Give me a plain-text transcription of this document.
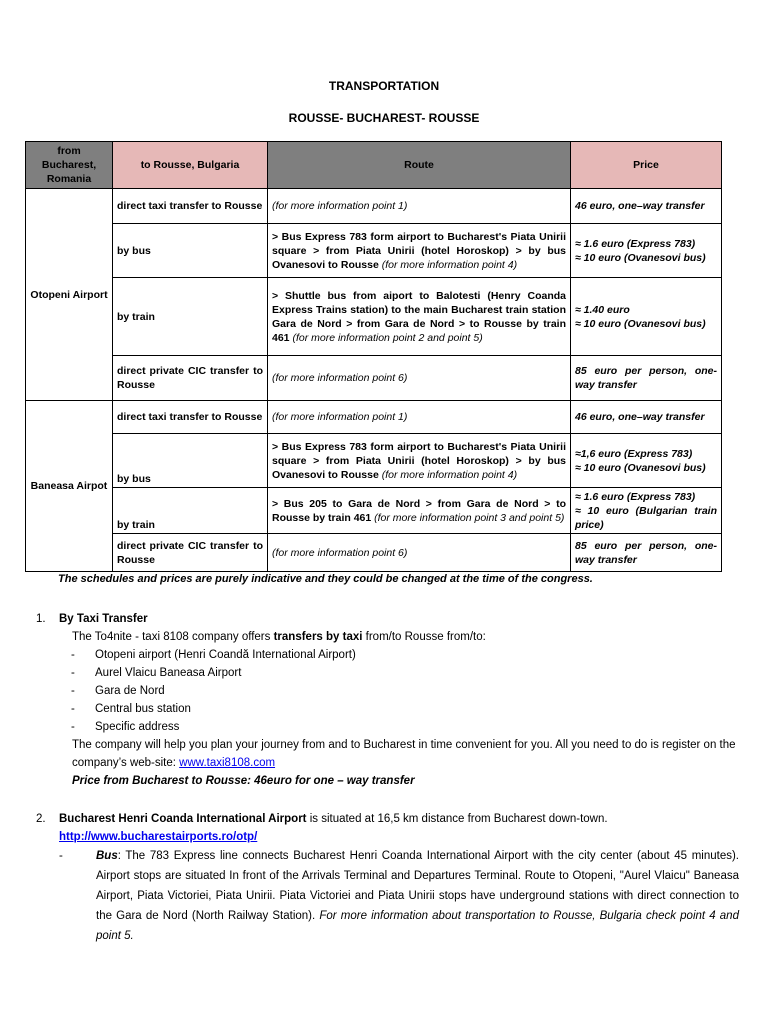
TRANSPORTATION
ROUSSE- BUCHAREST- ROUSSE
from Bucharest, Romania	to Rousse, Bulgaria	Route	Price
Otopeni Airport	direct taxi transfer to Rousse	(for more information point 1)	46 euro, one–way transfer

	by bus	> Bus Express 783 form airport to Bucharest's Piata Unirii square > from Piata Unirii (hotel Horoskop) > by bus Ovanesovi to Rousse (for more information point 4)	≈ 1.6 euro (Express 783)
≈ 10 euro (Ovanesovi bus)

	by train	> Shuttle bus from aiport to Balotesti (Henry Coanda Express Trains station) to the main Bucharest train station Gara de Nord > from Gara de Nord > to Rousse by train 461 (for more information point 2 and point 5)	≈ 1.40 euro
≈ 10 euro (Ovanesovi bus)

	direct private CIC transfer to Rousse	(for more information point 6)	85 euro per person, one-way transfer

Baneasa Airpot	direct taxi transfer to Rousse	(for more information point 1)	46 euro, one–way transfer

	by bus	> Bus Express 783 form airport to Bucharest's Piata Unirii square > from Piata Unirii (hotel Horoskop) > by bus Ovanesovi to Rousse (for more information point 4)	≈1,6 euro (Express 783)
≈ 10 euro (Ovanesovi bus)

	by train	> Bus 205 to Gara de Nord > from Gara de Nord > to Rousse by train 461 (for more information point 3 and point 5)	≈ 1.6 euro (Express 783)
≈ 10 euro (Bulgarian train price)

	direct private CIC transfer to Rousse	(for more information point 6)	85 euro per person, one-way transfer
The schedules and prices are purely indicative and they could be changed at the time of the congress.
1. By Taxi Transfer
The To4nite - taxi 8108 company offers transfers by taxi from/to Rousse from/to:
- Otopeni airport (Henri Coandă International Airport)
- Aurel Vlaicu Baneasa Airport
- Gara de Nord
- Central bus station
- Specific address
The company will help you plan your journey from and to Bucharest in time convenient for you. All you need to do is register on the company’s web-site: www.taxi8108.com
Price from Bucharest to Rousse: 46euro for one – way transfer
2. Bucharest Henri Coanda International Airport is situated at 16,5 km distance from Bucharest down-town.
http://www.bucharestairports.ro/otp/
-	Bus: The 783 Express line connects Bucharest Henri Coanda International Airport with the city center (about 45 minutes). Airport stops are situated In front of the Arrivals Terminal and Departures Terminal. Route to Otopeni, "Aurel Vlaicu" Baneasa Airport, Piata Victoriei, Piata Unirii. Piata Victoriei and Piata Unirii stops have underground stations with direct connection to the Gara de Nord (North Railway Station). For more information about transportation to Rousse, Bulgaria check point 4 and point 5.
